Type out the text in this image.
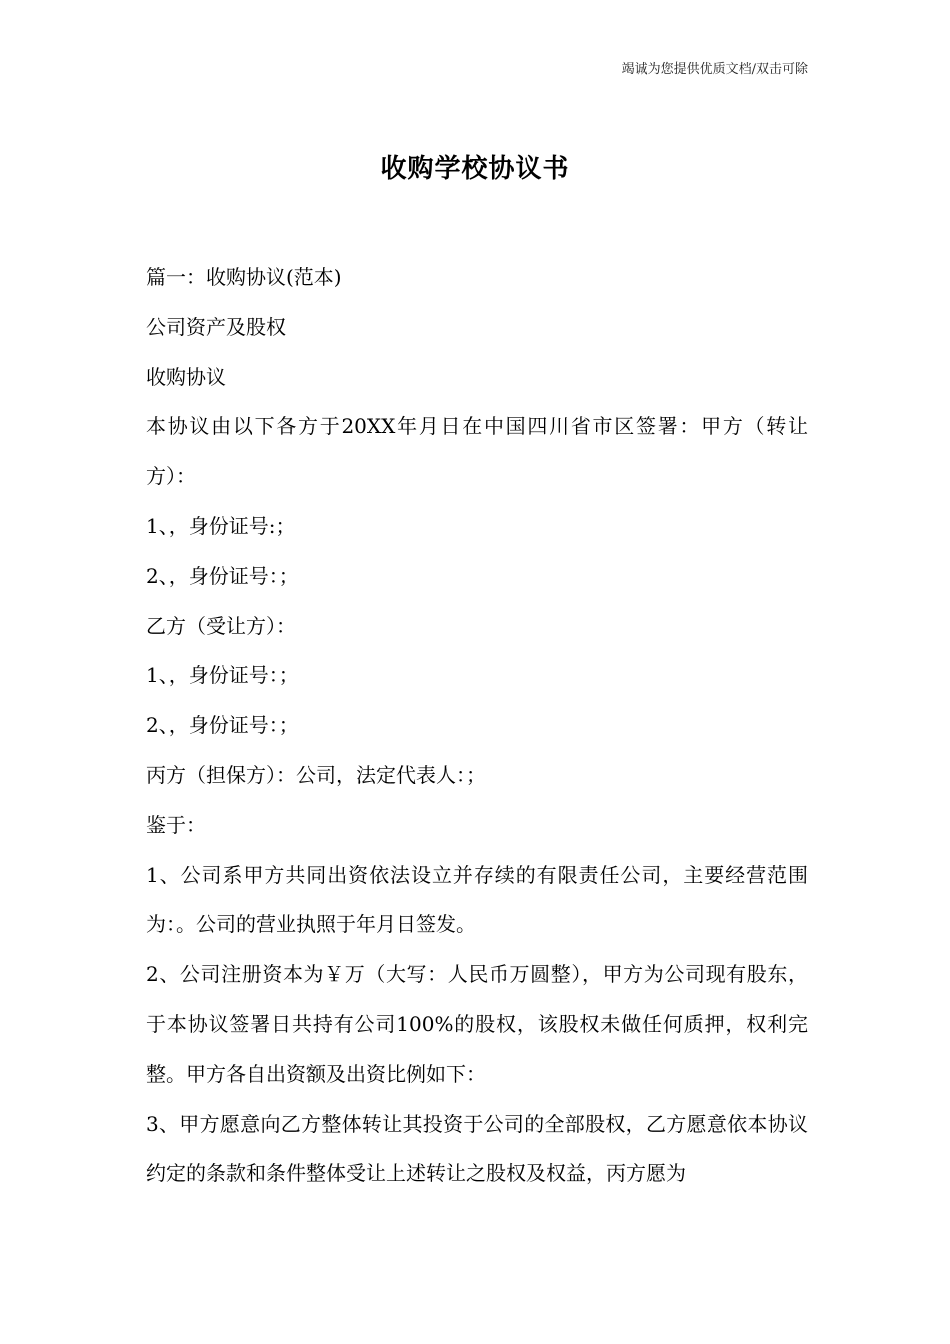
竭诚为您提供优质文档/双击可除
收购学校协议书

篇一：收购协议(范本)

公司资产及股权

收购协议

本协议由以下各方于20XX年月日在中国四川省市区签署：甲方（转让方）：

1、，身份证号:；

2、，身份证号：；

乙方（受让方）：

1、，身份证号：；

2、，身份证号：；

丙方（担保方）：公司，法定代表人：；

鉴于：

1、公司系甲方共同出资依法设立并存续的有限责任公司，主要经营范围为：。公司的营业执照于年月日签发。

2、公司注册资本为￥万（大写：人民币万圆整），甲方为公司现有股东，于本协议签署日共持有公司100%的股权，该股权未做任何质押，权利完整。甲方各自出资额及出资比例如下：

3、甲方愿意向乙方整体转让其投资于公司的全部股权，乙方愿意依本协议约定的条款和条件整体受让上述转让之股权及权益，丙方愿为
